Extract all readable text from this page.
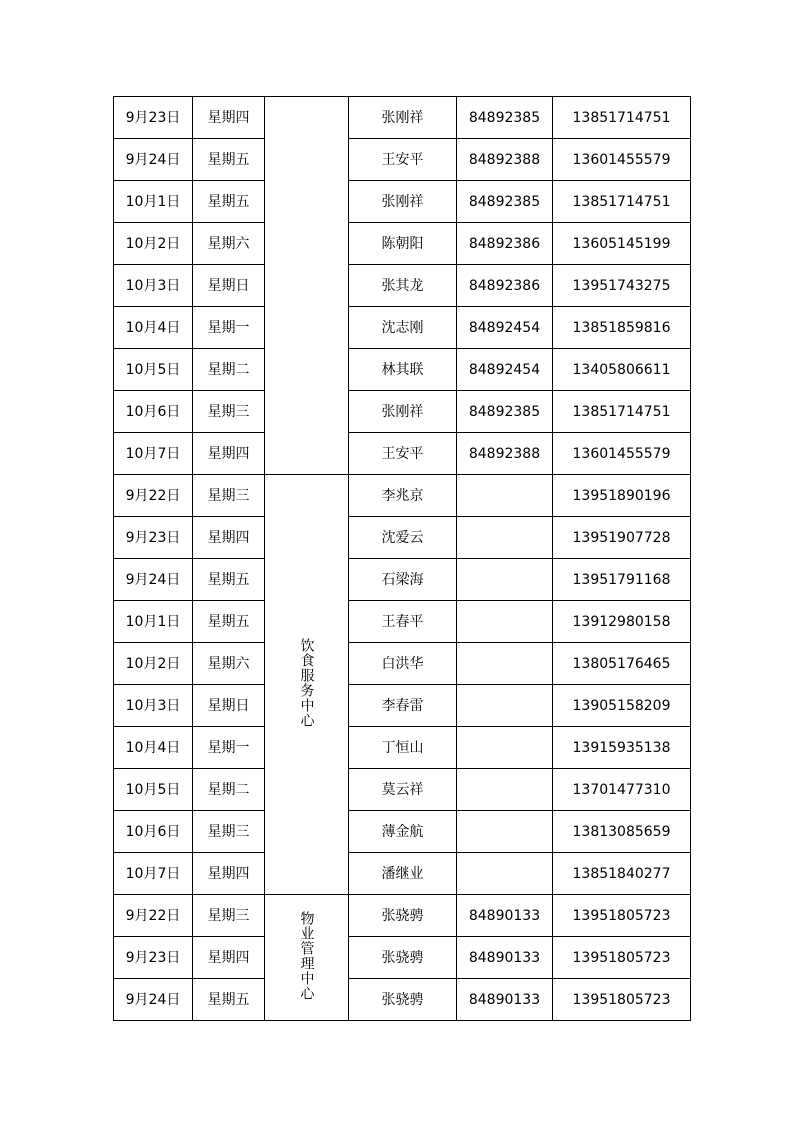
9月23日	星期四		张刚祥	84892385	13851714751
9月24日	星期五		王安平	84892388	13601455579
10月1日	星期五		张刚祥	84892385	13851714751
10月2日	星期六		陈朝阳	84892386	13605145199
10月3日	星期日		张其龙	84892386	13951743275
10月4日	星期一		沈志刚	84892454	13851859816
10月5日	星期二		林其联	84892454	13405806611
10月6日	星期三		张刚祥	84892385	13851714751
10月7日	星期四		王安平	84892388	13601455579
9月22日	星期三	饮食服务中心	李兆京		13951890196
9月23日	星期四		沈爱云		13951907728
9月24日	星期五		石梁海		13951791168
10月1日	星期五		王春平		13912980158
10月2日	星期六		白洪华		13805176465
10月3日	星期日		李春雷		13905158209
10月4日	星期一		丁恒山		13915935138
10月5日	星期二		莫云祥		13701477310
10月6日	星期三		薄金航		13813085659
10月7日	星期四		潘继业		13851840277
9月22日	星期三	物业管理中心	张骁骋	84890133	13951805723
9月23日	星期四		张骁骋	84890133	13951805723
9月24日	星期五		张骁骋	84890133	13951805723
